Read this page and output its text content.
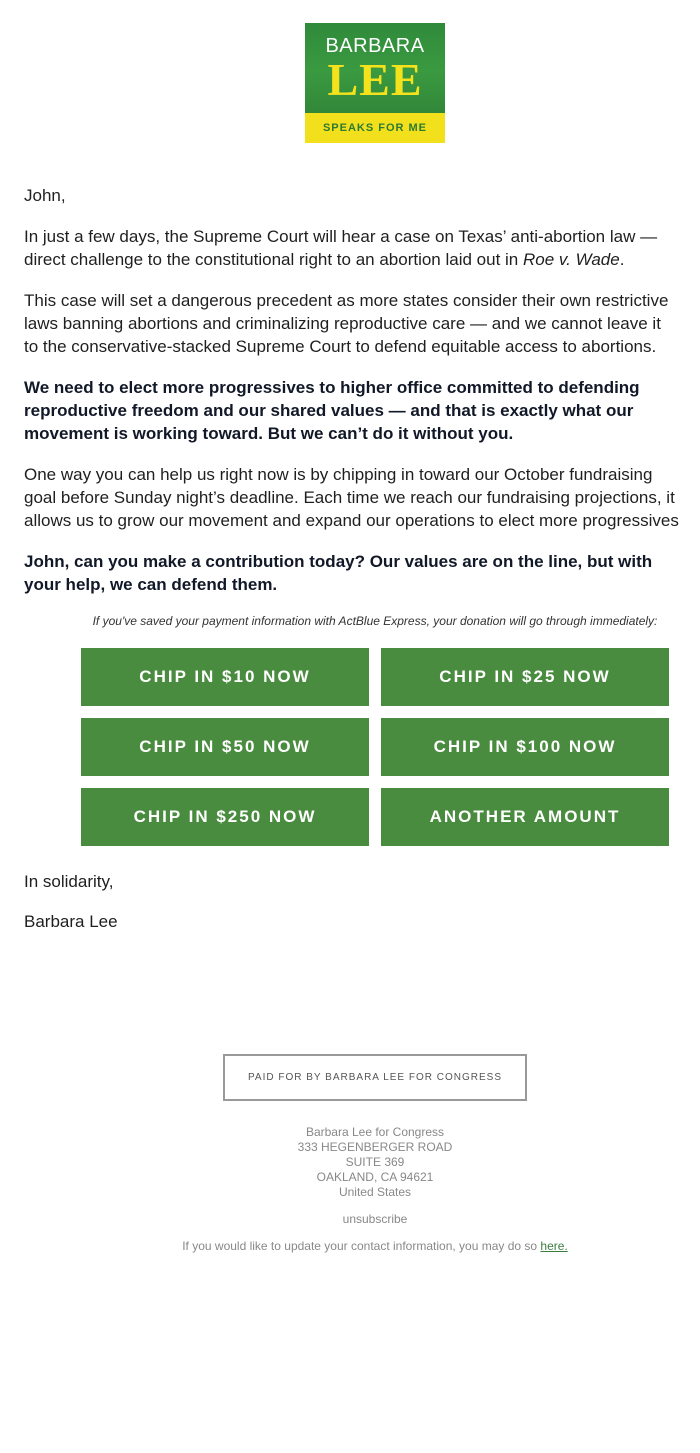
BARBARA
LEE
SPEAKS FOR ME
John,
In just a few days, the Supreme Court will hear a case on Texas’ anti-abortion law —
direct challenge to the constitutional right to an abortion laid out in Roe v. Wade.
This case will set a dangerous precedent as more states consider their own restrictive
laws banning abortions and criminalizing reproductive care — and we cannot leave it
to the conservative-stacked Supreme Court to defend equitable access to abortions.
We need to elect more progressives to higher office committed to defending
reproductive freedom and our shared values — and that is exactly what our
movement is working toward. But we can’t do it without you.
One way you can help us right now is by chipping in toward our October fundraising
goal before Sunday night’s deadline. Each time we reach our fundraising projections, it
allows us to grow our movement and expand our operations to elect more progressives
John, can you make a contribution today? Our values are on the line, but with
your help, we can defend them.
If you've saved your payment information with ActBlue Express, your donation will go through immediately:
CHIP IN $10 NOW	CHIP IN $25 NOW
CHIP IN $50 NOW	CHIP IN $100 NOW
CHIP IN $250 NOW	ANOTHER AMOUNT
In solidarity,
Barbara Lee
PAID FOR BY BARBARA LEE FOR CONGRESS
Barbara Lee for Congress
333 HEGENBERGER ROAD
SUITE 369
OAKLAND, CA 94621
United States
unsubscribe
If you would like to update your contact information, you may do so here.
